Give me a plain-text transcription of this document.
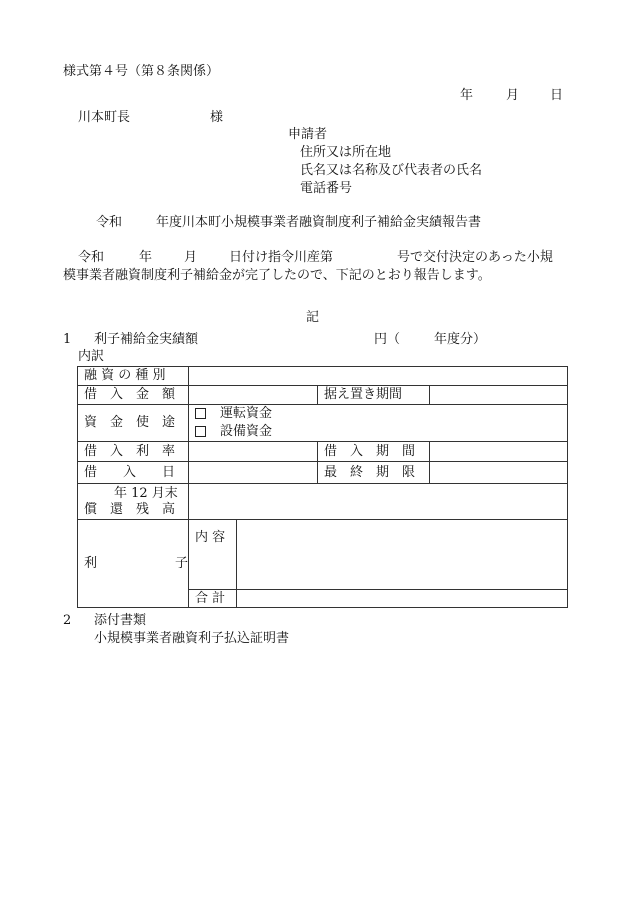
様式第４号（第８条関係）
年	月 日
川本町長	様
申請者
住所又は所在地
氏名又は名称及び代表者の氏名
電話番号
令和	年度川本町小規模事業者融資制度利子補給金実績報告書
令和	年 月 日付け指令川産第	号で交付決定のあった小規
模事業者融資制度利子補給金が完了したので、下記のとおり報告します。
記
1 利子補給金実績額	円（	年度分）
内訳
融 資 の 種 別				
借　入　金　額			据え置き期間	
資　金　使　途	運転資金
設備資金			

借　入　利　率			借　入　期　間	
借　　入　　日			最　終　期　限	

年 12 月末
償　還　残　高				

利　　　　　　子	内 容			
	合 計			
2 添付書類
小規模事業者融資利子払込証明書
